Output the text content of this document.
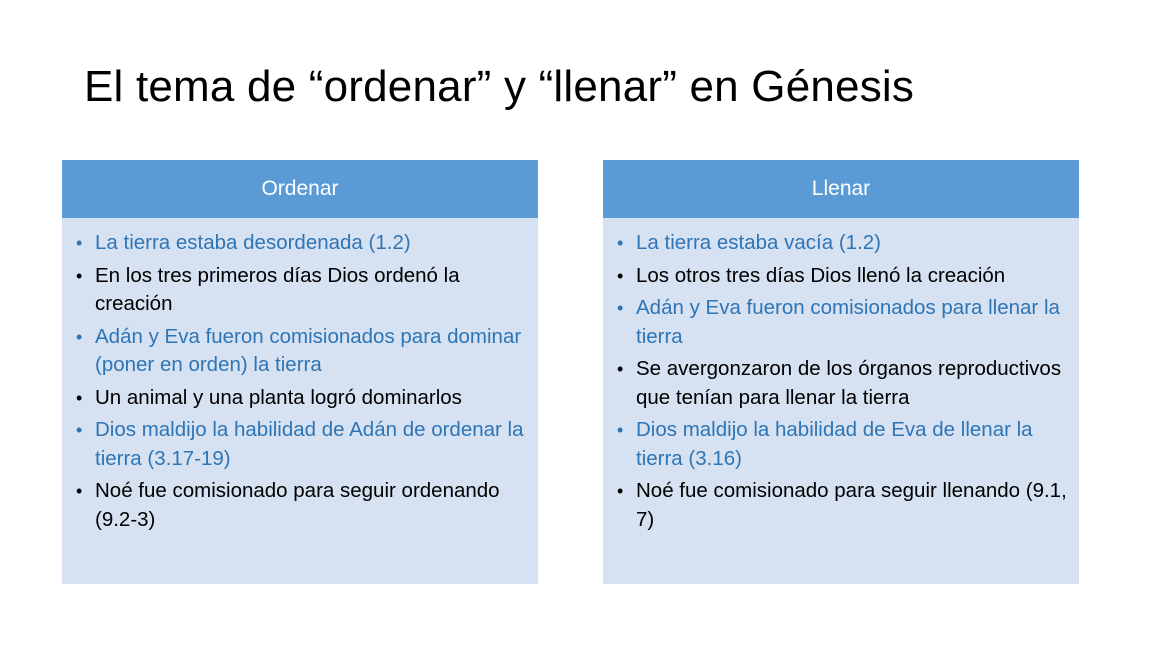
El tema de “ordenar” y “llenar” en Génesis
Ordenar
• La tierra estaba desordenada (1.2)
• En los tres primeros días Dios ordenó la creación
• Adán y Eva fueron comisionados para dominar (poner en orden) la tierra
• Un animal y una planta logró dominarlos
• Dios maldijo la habilidad de Adán de ordenar la tierra (3.17-19)
• Noé fue comisionado para seguir ordenando (9.2-3)
Llenar
• La tierra estaba vacía (1.2)
• Los otros tres días Dios llenó la creación
• Adán y Eva fueron comisionados para llenar la tierra
• Se avergonzaron de los órganos reproductivos que tenían para llenar la tierra
• Dios maldijo la habilidad de Eva de llenar la tierra (3.16)
• Noé fue comisionado para seguir llenando (9.1, 7)
